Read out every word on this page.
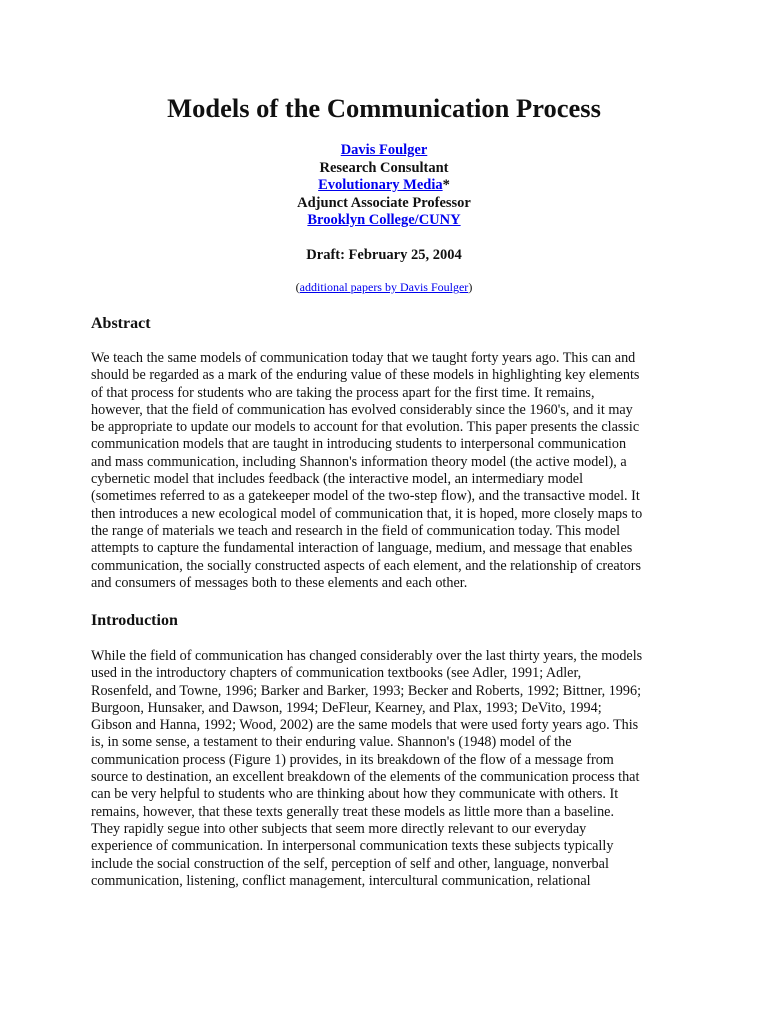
Models of the Communication Process
Davis Foulger
Research Consultant
Evolutionary Media*
Adjunct Associate Professor
Brooklyn College/CUNY
Draft: February 25, 2004
(additional papers by Davis Foulger)
Abstract
We teach the same models of communication today that we taught forty years ago. This can and
should be regarded as a mark of the enduring value of these models in highlighting key elements
of that process for students who are taking the process apart for the first time. It remains,
however, that the field of communication has evolved considerably since the 1960's, and it may
be appropriate to update our models to account for that evolution. This paper presents the classic
communication models that are taught in introducing students to interpersonal communication
and mass communication, including Shannon's information theory model (the active model), a
cybernetic model that includes feedback (the interactive model, an intermediary model
(sometimes referred to as a gatekeeper model of the two-step flow), and the transactive model. It
then introduces a new ecological model of communication that, it is hoped, more closely maps to
the range of materials we teach and research in the field of communication today. This model
attempts to capture the fundamental interaction of language, medium, and message that enables
communication, the socially constructed aspects of each element, and the relationship of creators
and consumers of messages both to these elements and each other.
Introduction
While the field of communication has changed considerably over the last thirty years, the models
used in the introductory chapters of communication textbooks (see Adler, 1991; Adler,
Rosenfeld, and Towne, 1996; Barker and Barker, 1993; Becker and Roberts, 1992; Bittner, 1996;
Burgoon, Hunsaker, and Dawson, 1994; DeFleur, Kearney, and Plax, 1993; DeVito, 1994;
Gibson and Hanna, 1992; Wood, 2002) are the same models that were used forty years ago. This
is, in some sense, a testament to their enduring value. Shannon's (1948) model of the
communication process (Figure 1) provides, in its breakdown of the flow of a message from
source to destination, an excellent breakdown of the elements of the communication process that
can be very helpful to students who are thinking about how they communicate with others. It
remains, however, that these texts generally treat these models as little more than a baseline.
They rapidly segue into other subjects that seem more directly relevant to our everyday
experience of communication. In interpersonal communication texts these subjects typically
include the social construction of the self, perception of self and other, language, nonverbal
communication, listening, conflict management, intercultural communication, relational
